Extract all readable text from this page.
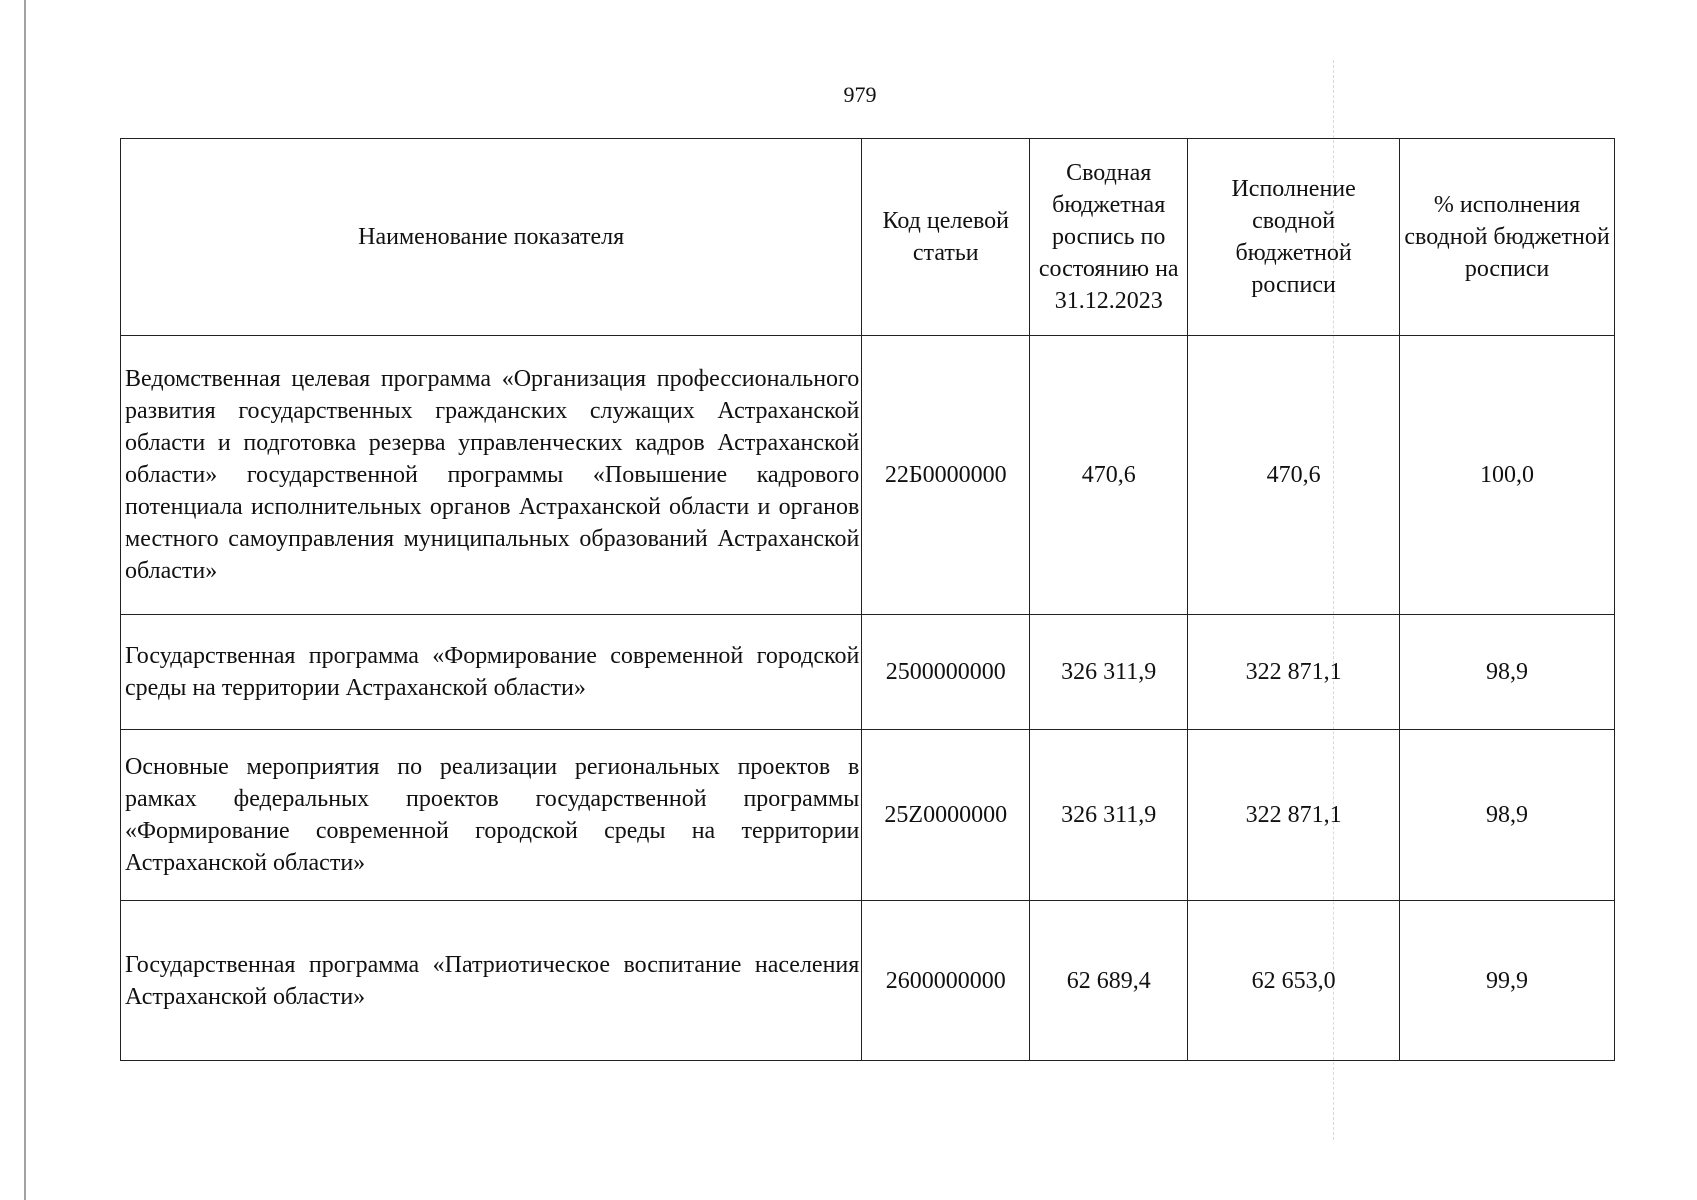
979
Наименование показателя	Код целевой статьи	Сводная бюджетная роспись по состоянию на 31.12.2023	Исполнение сводной бюджетной росписи	% исполнения сводной бюджетной росписи
Ведомственная целевая программа «Организация профессионального развития государственных гражданских служащих Астраханской области и подготовка резерва управленческих кадров Астраханской области» государственной программы «Повышение кадрового потенциала исполнительных органов Астраханской области и органов местного самоуправления муниципальных образований Астраханской области»	22Б0000000	470,6	470,6	100,0
Государственная программа «Формирование современной городской среды на территории Астраханской области»	2500000000	326 311,9	322 871,1	98,9
Основные мероприятия по реализации региональных проектов в рамках федеральных проектов государственной программы «Формирование современной городской среды на территории Астраханской области»	25Z0000000	326 311,9	322 871,1	98,9
Государственная программа «Патриотическое воспитание населения Астраханской области»	2600000000	62 689,4	62 653,0	99,9
